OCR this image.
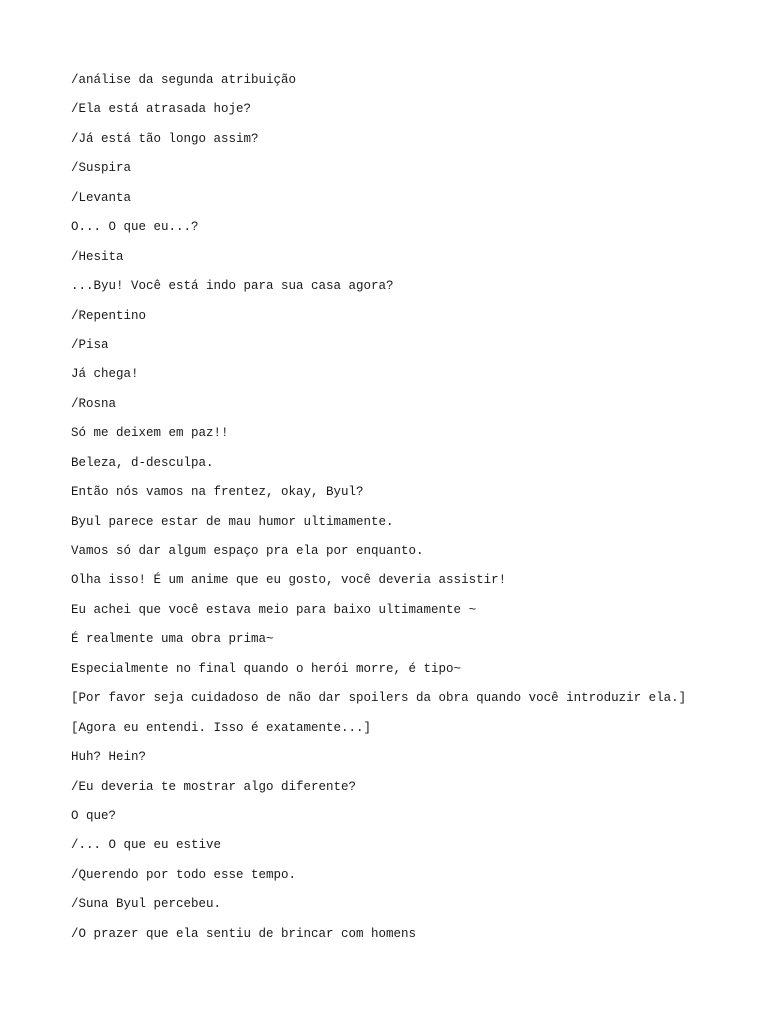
/análise da segunda atribuição
/Ela está atrasada hoje?
/Já está tão longo assim?
/Suspira
/Levanta
O... O que eu...?
/Hesita
...Byu! Você está indo para sua casa agora?
/Repentino
/Pisa
Já chega!
/Rosna
Só me deixem em paz!!
Beleza, d-desculpa.
Então nós vamos na frentez, okay, Byul?
Byul parece estar de mau humor ultimamente.
Vamos só dar algum espaço pra ela por enquanto.
Olha isso! É um anime que eu gosto, você deveria assistir!
Eu achei que você estava meio para baixo ultimamente ~
É realmente uma obra prima~
Especialmente no final quando o herói morre, é tipo~
[Por favor seja cuidadoso de não dar spoilers da obra quando você introduzir ela.]
[Agora eu entendi. Isso é exatamente...]
Huh? Hein?
/Eu deveria te mostrar algo diferente?
O que?
/... O que eu estive
/Querendo por todo esse tempo.
/Suna Byul percebeu.
/O prazer que ela sentiu de brincar com homens
